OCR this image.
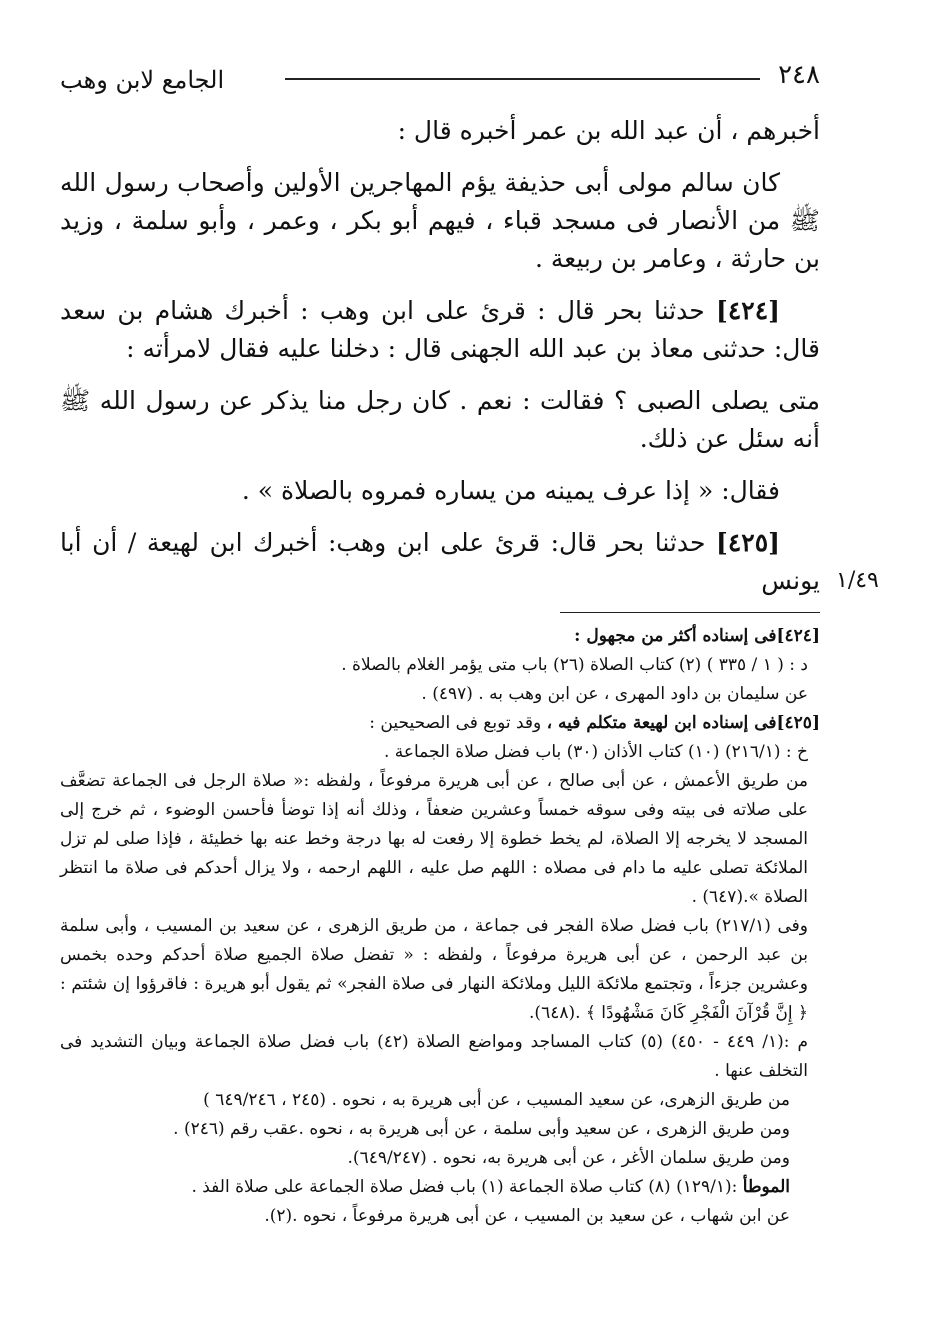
٢٤٨
الجامع لابن وهب

أخبرهم ، أن عبد الله بن عمر أخبره قال :

كان سالم مولى أبى حذيفة يؤم المهاجرين الأولين وأصحاب رسول الله ﷺ من الأنصار فى مسجد قباء ، فيهم أبو بكر ، وعمر ، وأبو سلمة ، وزيد بن حارثة ، وعامر بن ربيعة .

[٤٢٤] حدثنا بحر قال : قرئ على ابن وهب : أخبرك هشام بن سعد قال: حدثنى معاذ بن عبد الله الجهنى قال : دخلنا عليه فقال لامرأته :

متى يصلى الصبى ؟ فقالت : نعم . كان رجل منا يذكر عن رسول الله ﷺ أنه سئل عن ذلك.

فقال: « إذا عرف يمينه من يساره فمروه بالصلاة » .

[٤٢٥] حدثنا بحر قال: قرئ على ابن وهب: أخبرك ابن لهيعة / أن أبا يونس ١/٤٩

[٤٢٤]فى إسناده أكثر من مجهول :

د : ( ١ / ٣٣٥ ) (٢) كتاب الصلاة (٢٦) باب متى يؤمر الغلام بالصلاة .

عن سليمان بن داود المهرى ، عن ابن وهب به . (٤٩٧) .

[٤٢٥]فى إسناده ابن لهيعة متكلم فيه ، وقد توبع فى الصحيحين :

خ : (٢١٦/١) (١٠) كتاب الأذان (٣٠) باب فضل صلاة الجماعة .

من طريق الأعمش ، عن أبى صالح ، عن أبى هريرة مرفوعاً ، ولفظه :« صلاة الرجل فى الجماعة تضعَّف على صلاته فى بيته وفى سوقه خمساً وعشرين ضعفاً ، وذلك أنه إذا توضأ فأحسن الوضوء ، ثم خرج إلى المسجد لا يخرجه إلا الصلاة، لم يخط خطوة إلا رفعت له بها درجة وخط عنه بها خطيئة ، فإذا صلى لم تزل الملائكة تصلى عليه ما دام فى مصلاه : اللهم صل عليه ، اللهم ارحمه ، ولا يزال أحدكم فى صلاة ما انتظر الصلاة ».(٦٤٧) .

وفى (٢١٧/١) باب فضل صلاة الفجر فى جماعة ، من طريق الزهرى ، عن سعيد بن المسيب ، وأبى سلمة بن عبد الرحمن ، عن أبى هريرة مرفوعاً ، ولفظه : « تفضل صلاة الجميع صلاة أحدكم وحده بخمس وعشرين جزءاً ، وتجتمع ملائكة الليل وملائكة النهار فى صلاة الفجر» ثم يقول أبو هريرة : فاقرؤوا إن شئتم : ﴿ إِنَّ قُرْآنَ الْفَجْرِ كَانَ مَشْهُودًا ﴾ .(٦٤٨).

م :(١/ ٤٤٩ - ٤٥٠) (٥) كتاب المساجد ومواضع الصلاة (٤٢) باب فضل صلاة الجماعة وبيان التشديد فى التخلف عنها .

من طريق الزهرى، عن سعيد المسيب ، عن أبى هريرة به ، نحوه . (٢٤٥ ، ٦٤٩/٢٤٦ )

ومن طريق الزهرى ، عن سعيد وأبى سلمة ، عن أبى هريرة به ، نحوه .عقب رقم (٢٤٦) .

ومن طريق سلمان الأغر ، عن أبى هريرة به، نحوه . (٦٤٩/٢٤٧).

الموطأ :(١٢٩/١) (٨) كتاب صلاة الجماعة (١) باب فضل صلاة الجماعة على صلاة الفذ .

عن ابن شهاب ، عن سعيد بن المسيب ، عن أبى هريرة مرفوعاً ، نحوه .(٢).
